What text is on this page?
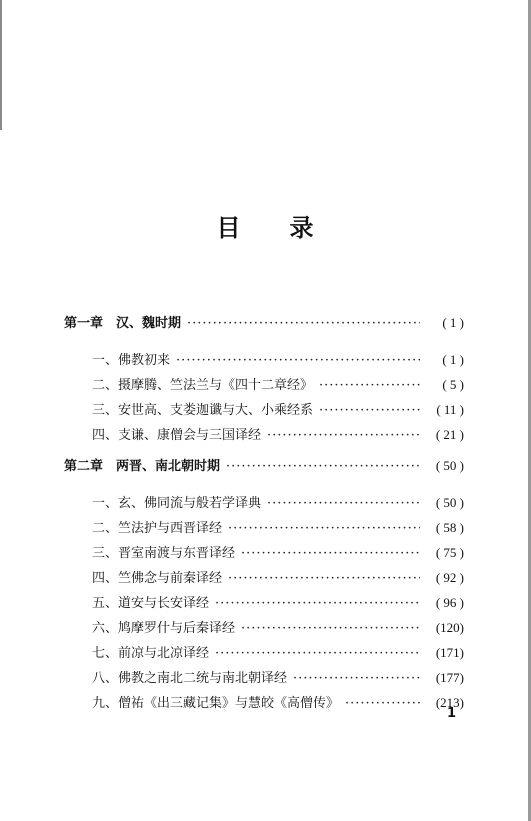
目 录
第一章　汉、魏时期 ·····	( 1 )
一、佛教初来 ·····	( 1 )
二、摄摩腾、竺法兰与《四十二章经》 ·····	( 5 )
三、安世高、支娄迦谶与大、小乘经系 ·····	( 11 )
四、支谦、康僧会与三国译经 ·····	( 21 )
第二章　两晋、南北朝时期 ·····	( 50 )
一、玄、佛同流与般若学译典 ·····	( 50 )
二、竺法护与西晋译经 ·····	( 58 )
三、晋室南渡与东晋译经 ·····	( 75 )
四、竺佛念与前秦译经 ·····	( 92 )
五、道安与长安译经 ·····	( 96 )
六、鸠摩罗什与后秦译经 ·····	(120)
七、前凉与北凉译经 ·····	(171)
八、佛教之南北二统与南北朝译经 ·····	(177)
九、僧祐《出三藏记集》与慧皎《高僧传》 ·····	(213)
1
